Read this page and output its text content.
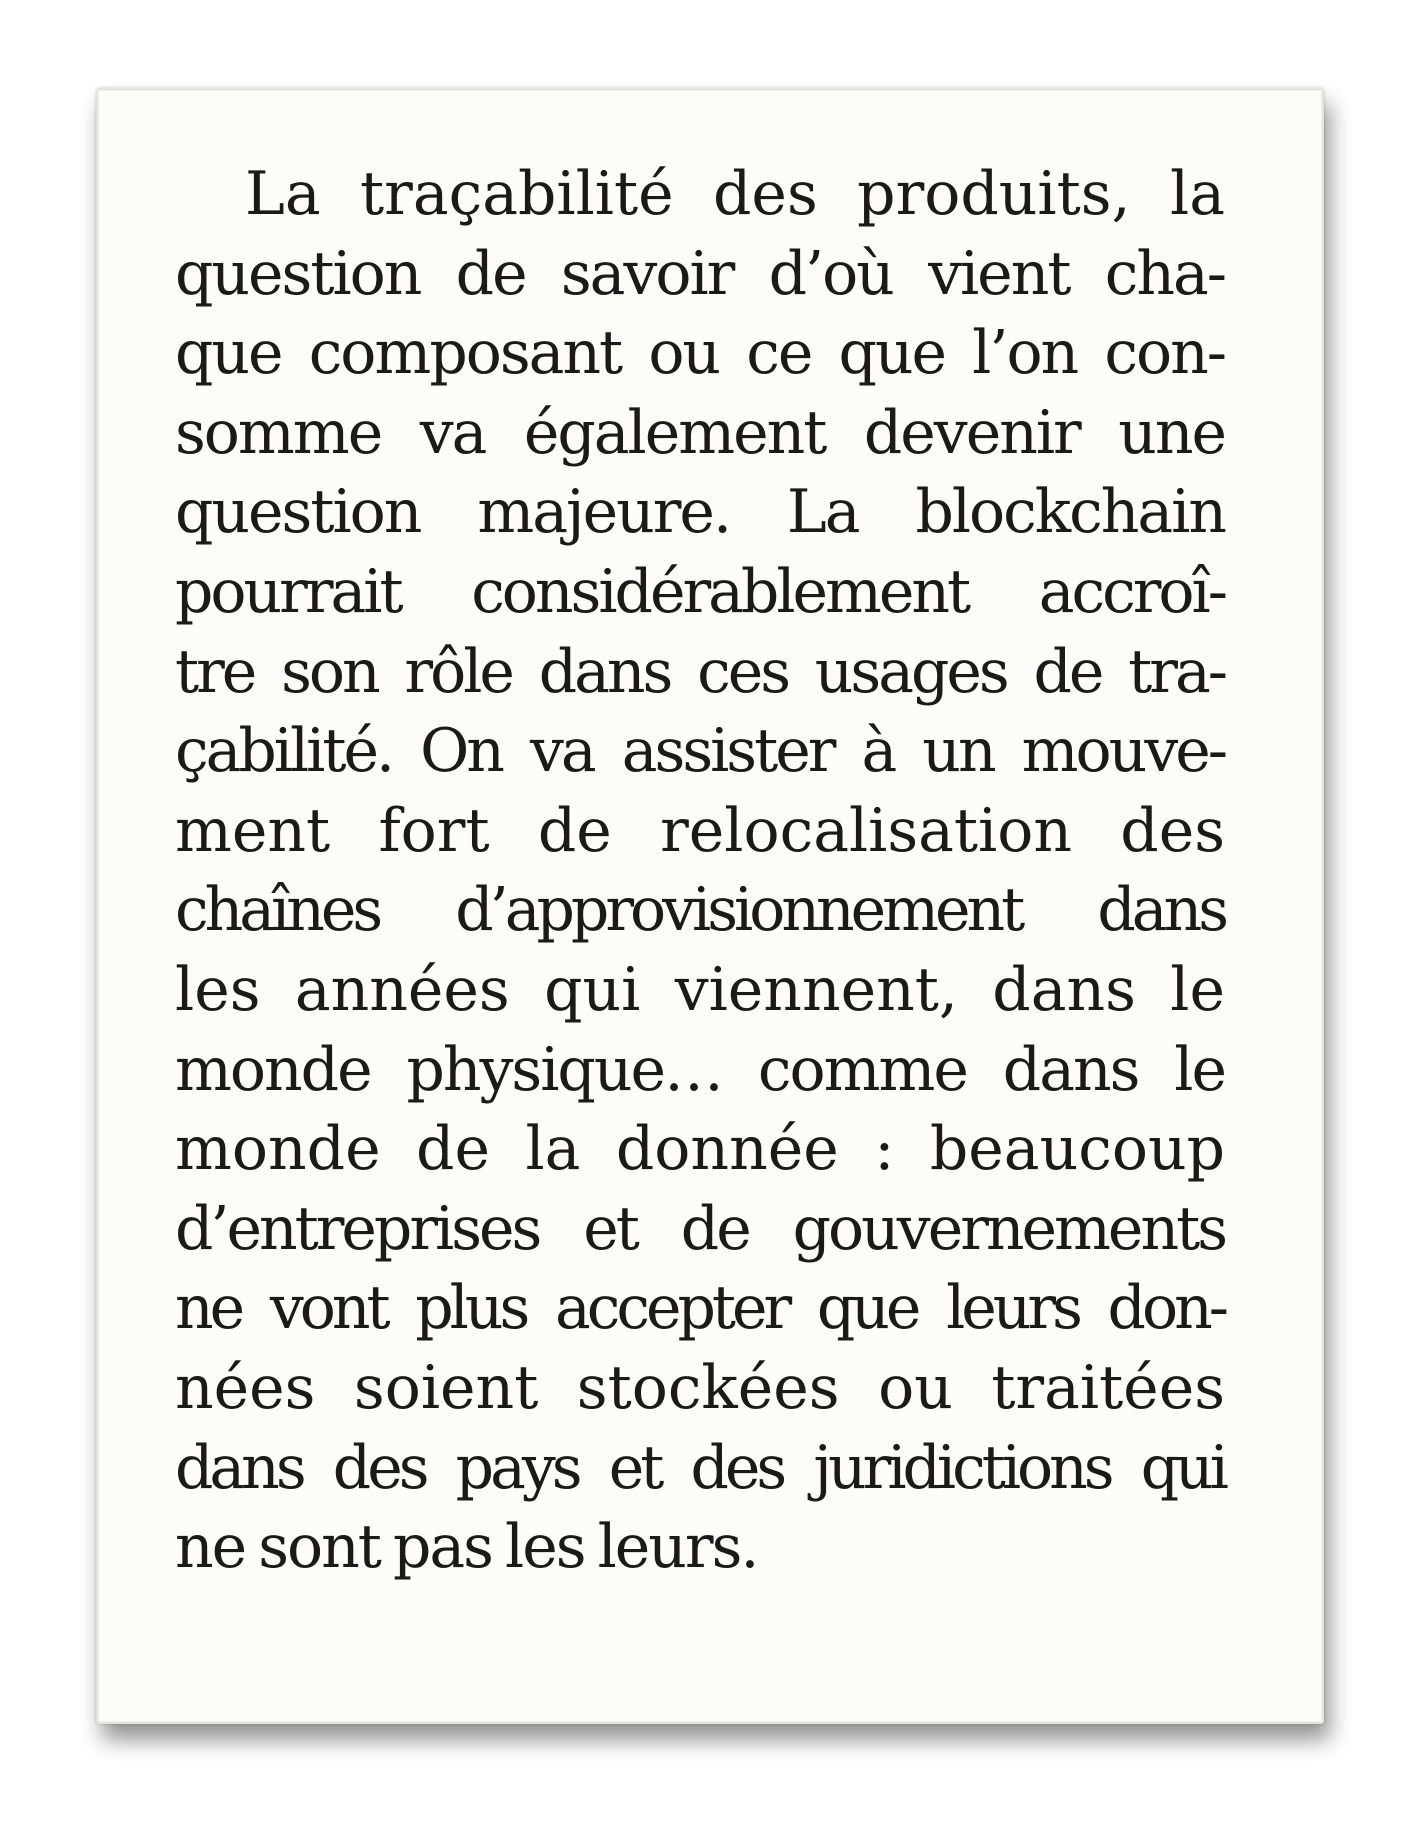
La traçabilité des produits, la
question de savoir d’où vient cha-
que composant ou ce que l’on con-
somme va également devenir une
question majeure. La blockchain
pourrait considérablement accroî-
tre son rôle dans ces usages de tra-
çabilité. On va assister à un mouve-
ment fort de relocalisation des
chaînes d’approvisionnement dans
les années qui viennent, dans le
monde physique… comme dans le
monde de la donnée : beaucoup
d’entreprises et de gouvernements
ne vont plus accepter que leurs don-
nées soient stockées ou traitées
dans des pays et des juridictions qui
ne sont pas les leurs.
